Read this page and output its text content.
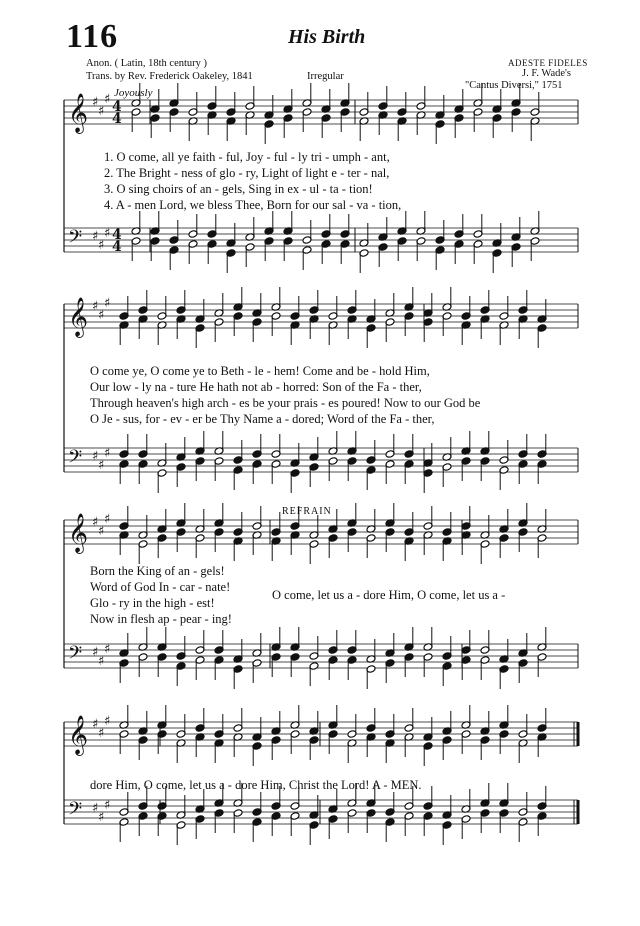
116	His Birth
Anon. ( Latin, 18th century )
Trans. by Rev. Frederick Oakeley, 1841	Irregular
ADESTE FIDELES
J. F. Wade's
"Cantus Diversi," 1751
Joyously
𝄞
𝄢
♯
♯
♯
♯
♯
♯
4
4
4
4
𝄞
𝄢
♯
♯
♯
♯
♯
♯
𝄞
𝄢
♯
♯
♯
♯
♯
♯
𝄞
𝄢
♯
♯
♯
♯
♯
♯
1. O come, all ye faith - ful, Joy - ful - ly tri - umph - ant,
2. The Bright - ness of glo - ry, Light of light e - ter - nal,
3. O sing choirs of an - gels, Sing in ex - ul - ta - tion!
4. A - men Lord, we bless Thee, Born for our sal - va - tion,
O come ye, O come ye to Beth - le - hem! Come and be - hold Him,
Our low - ly na - ture He hath not ab - horred: Son of the Fa - ther,
Through heaven's high arch - es be your prais - es poured! Now to our God be
O Je - sus, for - ev - er be Thy Name a - dored; Word of the Fa - ther,
REFRAIN
Born the King of an - gels!
Word of God In - car - nate!
Glo - ry in the high - est!
Now in flesh ap - pear - ing!
O come, let us a - dore Him, O come, let us a -
dore Him, O come, let us a - dore Him, Christ the Lord! A - MEN.
